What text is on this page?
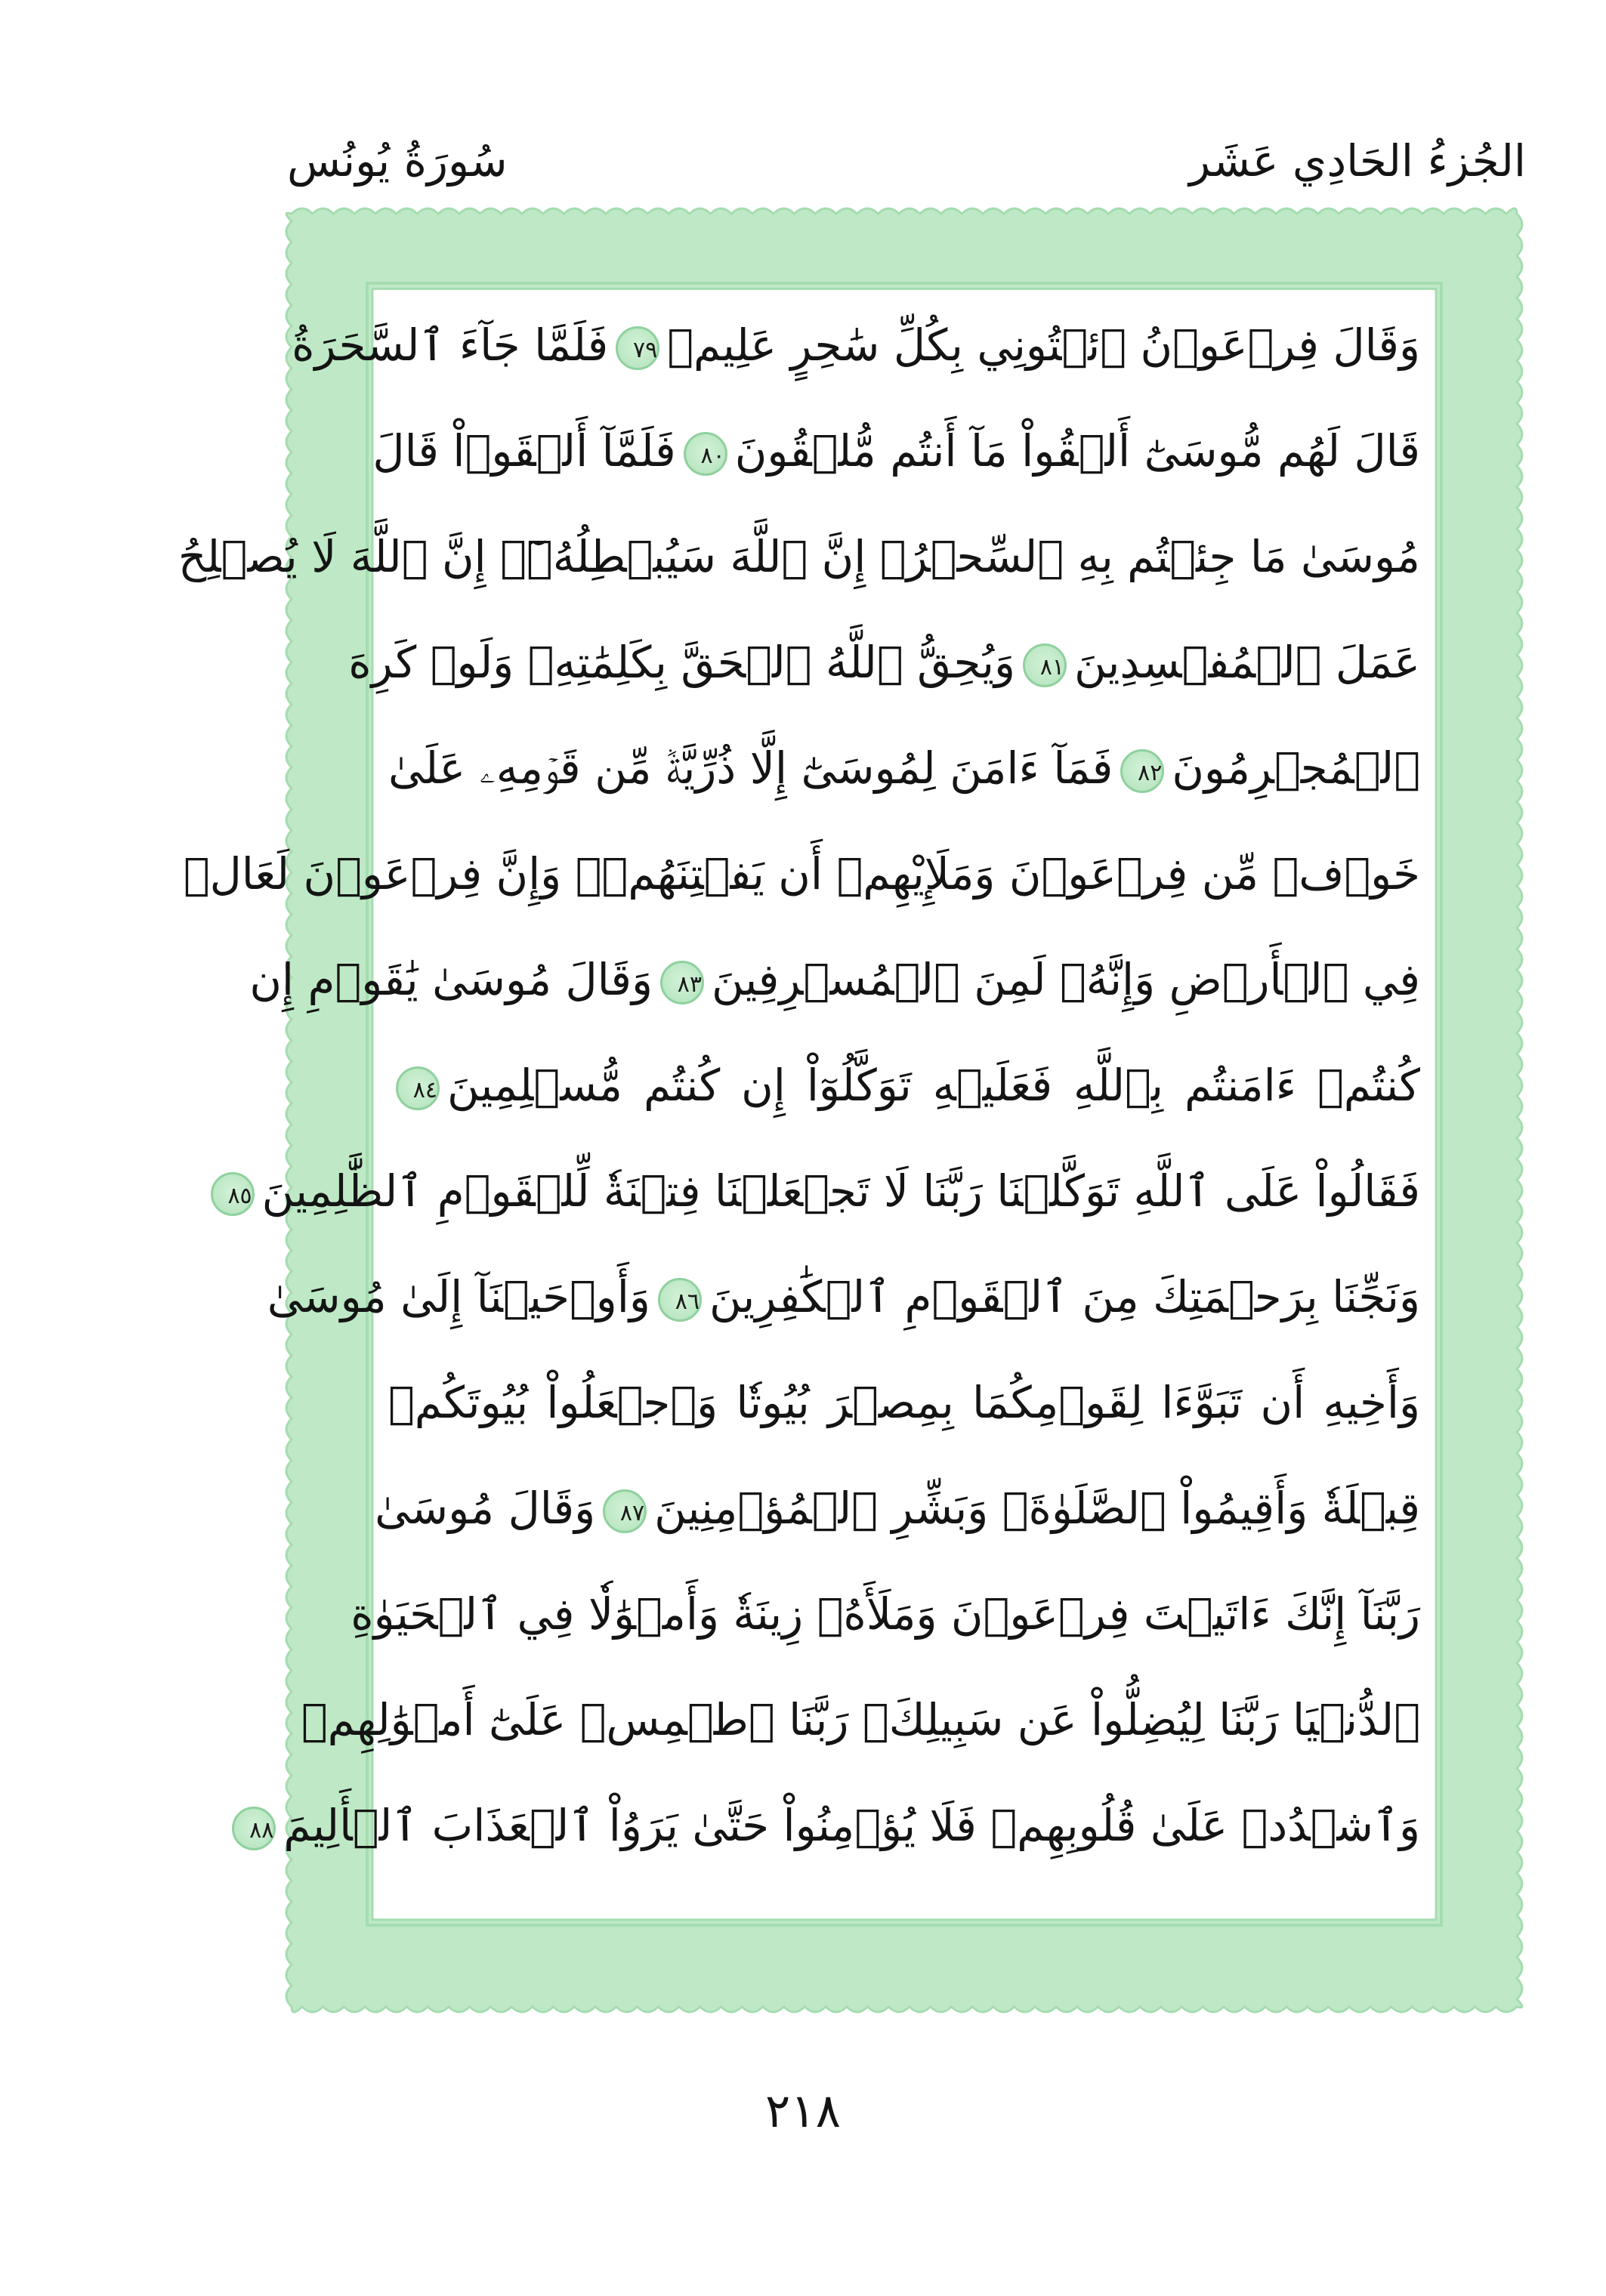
الجُزءُ الحَادِي عَشَر
سُورَةُ يُونُس
وَقَالَ فِرۡعَوۡنُ ٱئۡتُونِي بِكُلِّ سَٰحِرٍ عَلِيمٖ٧٩فَلَمَّا جَآءَ ٱلسَّحَرَةُ
قَالَ لَهُم مُّوسَىٰٓ أَلۡقُواْ مَآ أَنتُم مُّلۡقُونَ٨٠فَلَمَّآ أَلۡقَوۡاْ قَالَ
مُوسَىٰ مَا جِئۡتُم بِهِ ٱلسِّحۡرُۖ إِنَّ ٱللَّهَ سَيُبۡطِلُهُۥٓۖ إِنَّ ٱللَّهَ لَا يُصۡلِحُ
عَمَلَ ٱلۡمُفۡسِدِينَ٨١وَيُحِقُّ ٱللَّهُ ٱلۡحَقَّ بِكَلِمَٰتِهِۦ وَلَوۡ كَرِهَ
ٱلۡمُجۡرِمُونَ٨٢فَمَآ ءَامَنَ لِمُوسَىٰٓ إِلَّا ذُرِّيَّةٞ مِّن قَوۡمِهِۦ عَلَىٰ
خَوۡفٖ مِّن فِرۡعَوۡنَ وَمَلَإِيْهِمۡ أَن يَفۡتِنَهُمۡۚ وَإِنَّ فِرۡعَوۡنَ لَعَالٖ
فِي ٱلۡأَرۡضِ وَإِنَّهُۥ لَمِنَ ٱلۡمُسۡرِفِينَ٨٣وَقَالَ مُوسَىٰ يَٰقَوۡمِ إِن
كُنتُمۡ ءَامَنتُم بِٱللَّهِ فَعَلَيۡهِ تَوَكَّلُوٓاْ إِن كُنتُم مُّسۡلِمِينَ٨٤
فَقَالُواْ عَلَى ٱللَّهِ تَوَكَّلۡنَا رَبَّنَا لَا تَجۡعَلۡنَا فِتۡنَةٗ لِّلۡقَوۡمِ ٱلظَّٰلِمِينَ٨٥
وَنَجِّنَا بِرَحۡمَتِكَ مِنَ ٱلۡقَوۡمِ ٱلۡكَٰفِرِينَ٨٦وَأَوۡحَيۡنَآ إِلَىٰ مُوسَىٰ
وَأَخِيهِ أَن تَبَوَّءَا لِقَوۡمِكُمَا بِمِصۡرَ بُيُوتٗا وَٱجۡعَلُواْ بُيُوتَكُمۡ
قِبۡلَةٗ وَأَقِيمُواْ ٱلصَّلَوٰةَۗ وَبَشِّرِ ٱلۡمُؤۡمِنِينَ٨٧وَقَالَ مُوسَىٰ
رَبَّنَآ إِنَّكَ ءَاتَيۡتَ فِرۡعَوۡنَ وَمَلَأَهُۥ زِينَةٗ وَأَمۡوَٰلٗا فِي ٱلۡحَيَوٰةِ
ٱلدُّنۡيَا رَبَّنَا لِيُضِلُّواْ عَن سَبِيلِكَۖ رَبَّنَا ٱطۡمِسۡ عَلَىٰٓ أَمۡوَٰلِهِمۡ
وَٱشۡدُدۡ عَلَىٰ قُلُوبِهِمۡ فَلَا يُؤۡمِنُواْ حَتَّىٰ يَرَوُاْ ٱلۡعَذَابَ ٱلۡأَلِيمَ٨٨
٢١٨
